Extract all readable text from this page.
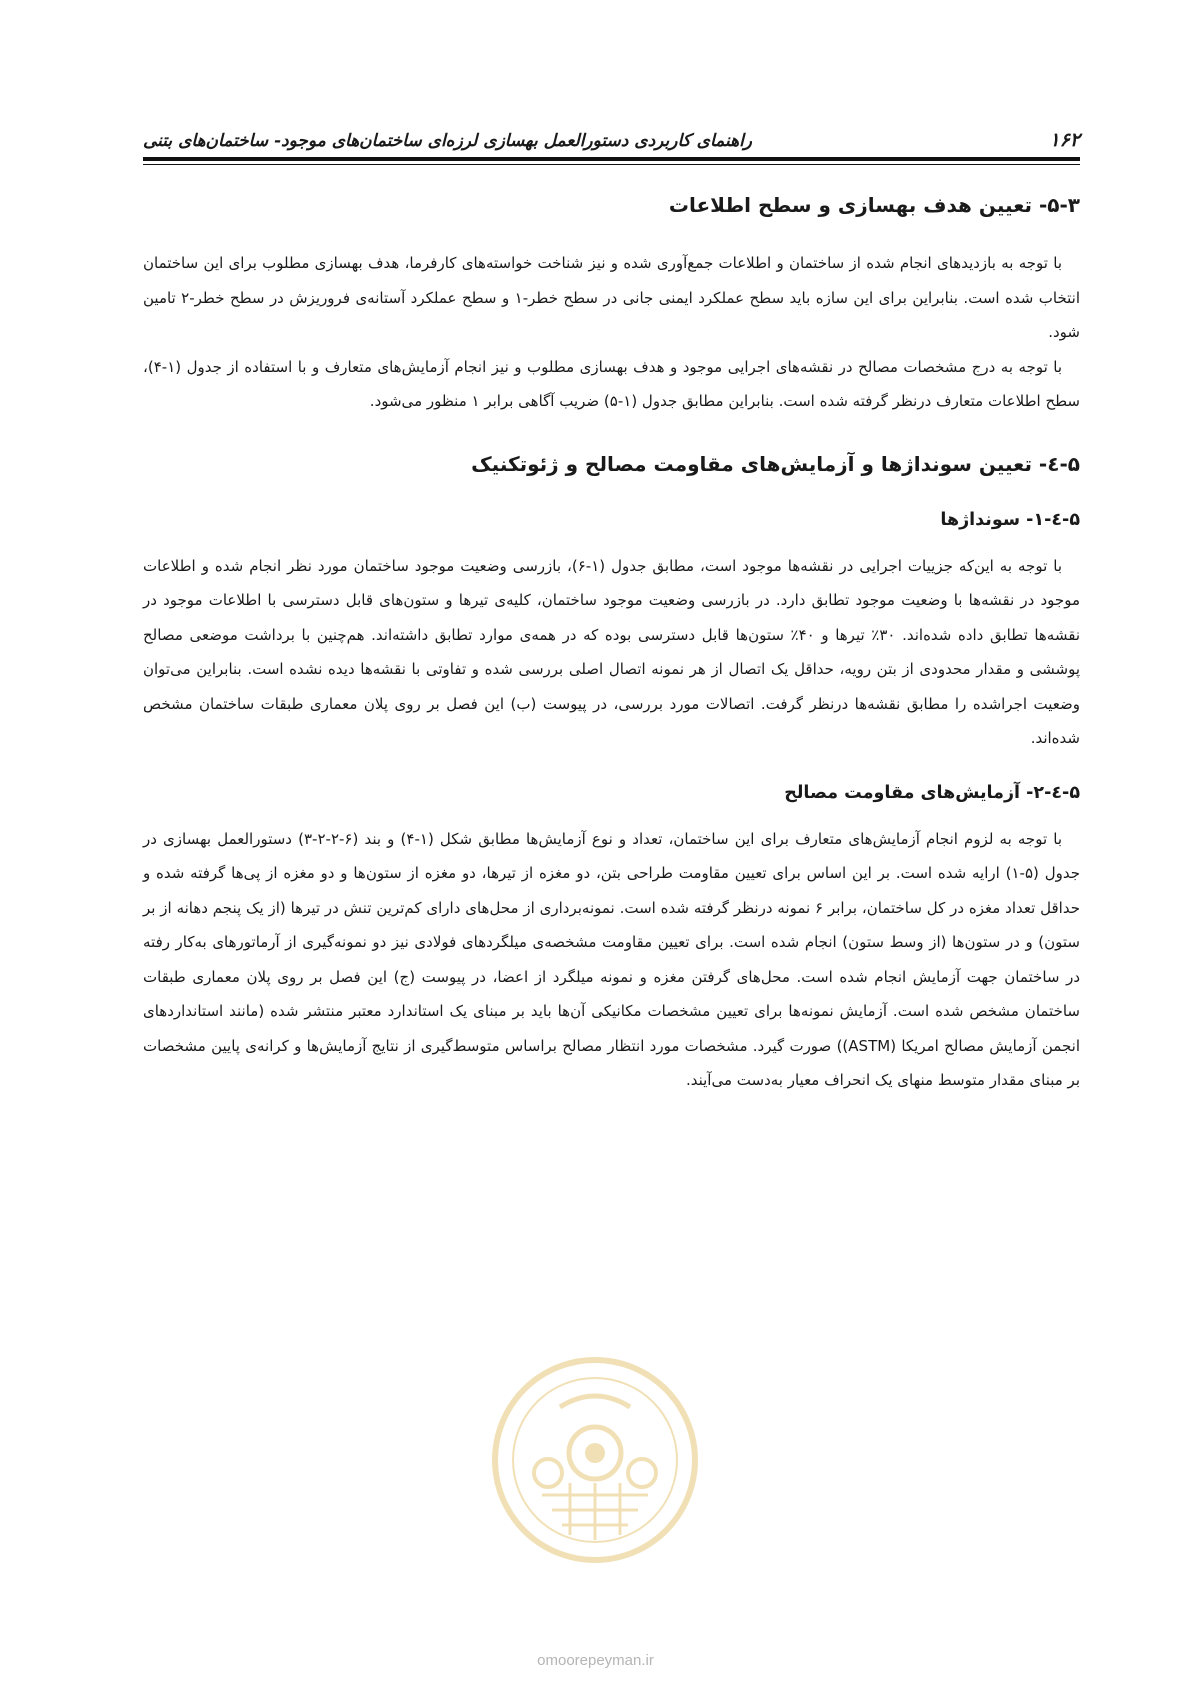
۱۶۲
راهنمای کاربردی دستورالعمل بهسازی لرزه‌ای ساختمان‌های موجود- ساختمان‌های بتنی
۵-۳- تعیین هدف بهسازی و سطح اطلاعات

با توجه به بازدیدهای انجام شده از ساختمان و اطلاعات جمع‌آوری شده و نیز شناخت خواسته‌های کارفرما، هدف بهسازی مطلوب برای این ساختمان انتخاب شده است. بنابراین برای این سازه باید سطح عملکرد ایمنی جانی در سطح خطر-۱ و سطح عملکرد آستانه‌ی فروریزش در سطح خطر-۲ تامین شود.

با توجه به درج مشخصات مصالح در نقشه‌های اجرایی موجود و هدف بهسازی مطلوب و نیز انجام آزمایش‌های متعارف و با استفاده از جدول (۱-۴)، سطح اطلاعات متعارف درنظر گرفته شده است. بنابراین مطابق جدول (۱-۵) ضریب آگاهی برابر ۱ منظور می‌شود.

۵-٤- تعیین سونداژها و آزمایش‌های مقاومت مصالح و ژئوتکنیک
۵-٤-۱- سونداژها

با توجه به این‌که جزییات اجرایی در نقشه‌ها موجود است، مطابق جدول (۱-۶)، بازرسی وضعیت موجود ساختمان مورد نظر انجام شده و اطلاعات موجود در نقشه‌ها با وضعیت موجود تطابق دارد. در بازرسی وضعیت موجود ساختمان، کلیه‌ی تیرها و ستون‌های قابل دسترسی با اطلاعات موجود در نقشه‌ها تطابق داده شده‌اند. ۳۰٪ تیرها و ۴۰٪ ستون‌ها قابل دسترسی بوده که در همه‌ی موارد تطابق داشته‌اند. هم‌چنین با برداشت موضعی مصالح پوششی و مقدار محدودی از بتن رویه، حداقل یک اتصال از هر نمونه اتصال اصلی بررسی شده و تفاوتی با نقشه‌ها دیده نشده است. بنابراین می‌توان وضعیت اجراشده را مطابق نقشه‌ها درنظر گرفت. اتصالات مورد بررسی، در پیوست (ب) این فصل بر روی پلان معماری طبقات ساختمان مشخص شده‌اند.

۵-٤-۲- آزمایش‌های مقاومت مصالح

با توجه به لزوم انجام آزمایش‌های متعارف برای این ساختمان، تعداد و نوع آزمایش‌ها مطابق شکل (۱-۴) و بند (۶-۲-۲-۳) دستورالعمل بهسازی در جدول (۵-۱) ارایه شده است. بر این اساس برای تعیین مقاومت طراحی بتن، دو مغزه از تیرها، دو مغزه از ستون‌ها و دو مغزه از پی‌ها گرفته شده و حداقل تعداد مغزه در کل ساختمان، برابر ۶ نمونه درنظر گرفته شده است. نمونه‌برداری از محل‌های دارای کم‌ترین تنش در تیرها (از یک پنجم دهانه از بر ستون) و در ستون‌ها (از وسط ستون) انجام شده است. برای تعیین مقاومت مشخصه‌ی میلگردهای فولادی نیز دو نمونه‌گیری از آرماتورهای به‌کار رفته در ساختمان جهت آزمایش انجام شده است. محل‌های گرفتن مغزه و نمونه میلگرد از اعضا، در پیوست (ج) این فصل بر روی پلان معماری طبقات ساختمان مشخص شده است. آزمایش نمونه‌ها برای تعیین مشخصات مکانیکی آن‌ها باید بر مبنای یک استاندارد معتبر منتشر شده (مانند استانداردهای انجمن آزمایش مصالح امریکا (ASTM)) صورت گیرد. مشخصات مورد انتظار مصالح براساس متوسط‌گیری از نتایج آزمایش‌ها و کرانه‌ی پایین مشخصات بر مبنای مقدار متوسط منهای یک انحراف معیار به‌دست می‌آیند.

omoorepeyman.ir
